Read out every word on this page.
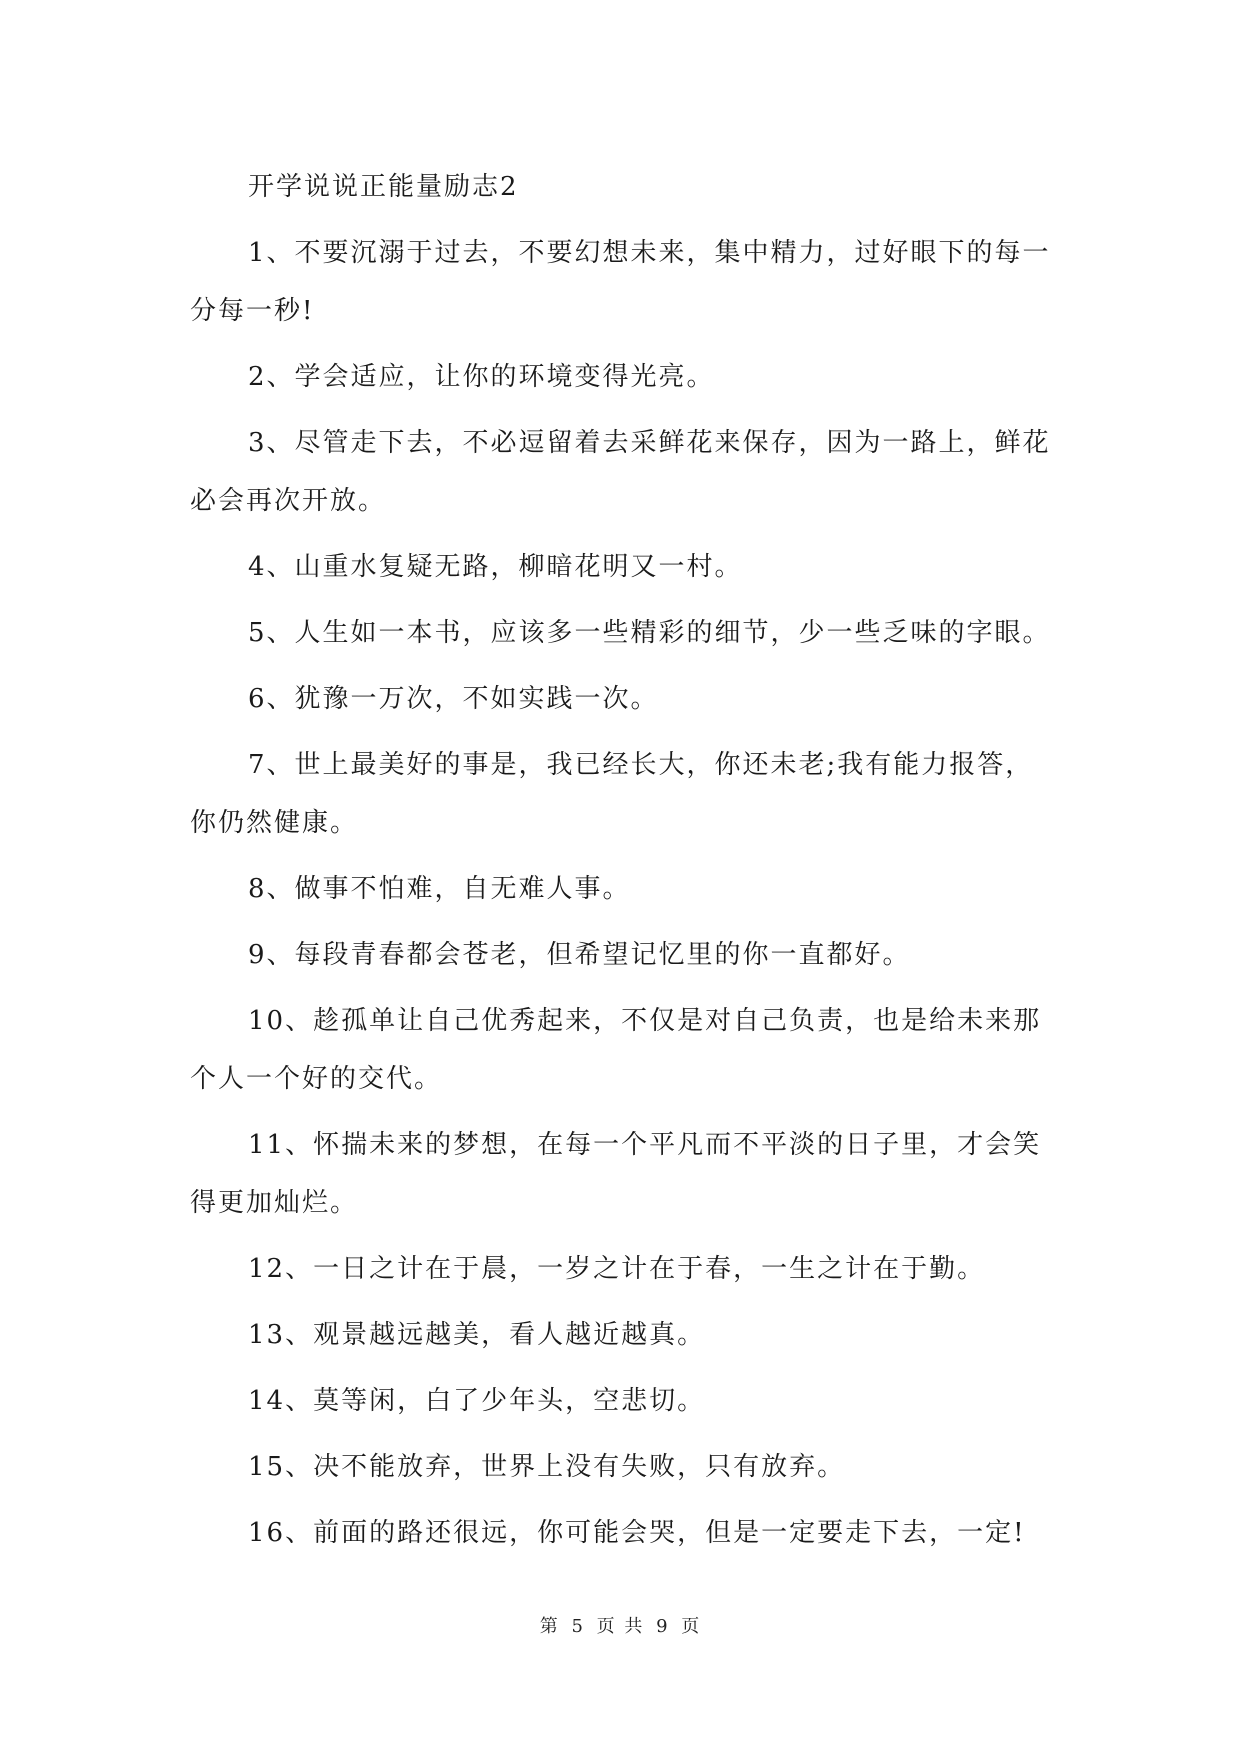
开学说说正能量励志2

1、不要沉溺于过去，不要幻想未来，集中精力，过好眼下的每一分每一秒!

2、学会适应，让你的环境变得光亮。

3、尽管走下去，不必逗留着去采鲜花来保存，因为一路上，鲜花必会再次开放。

4、山重水复疑无路，柳暗花明又一村。

5、人生如一本书，应该多一些精彩的细节，少一些乏味的字眼。

6、犹豫一万次，不如实践一次。

7、世上最美好的事是，我已经长大，你还未老;我有能力报答，你仍然健康。

8、做事不怕难，自无难人事。

9、每段青春都会苍老，但希望记忆里的你一直都好。

10、趁孤单让自己优秀起来，不仅是对自己负责，也是给未来那个人一个好的交代。

11、怀揣未来的梦想，在每一个平凡而不平淡的日子里，才会笑得更加灿烂。

12、一日之计在于晨，一岁之计在于春，一生之计在于勤。

13、观景越远越美，看人越近越真。

14、莫等闲，白了少年头，空悲切。

15、决不能放弃，世界上没有失败，只有放弃。

16、前面的路还很远，你可能会哭，但是一定要走下去，一定!

第 5 页 共 9 页
